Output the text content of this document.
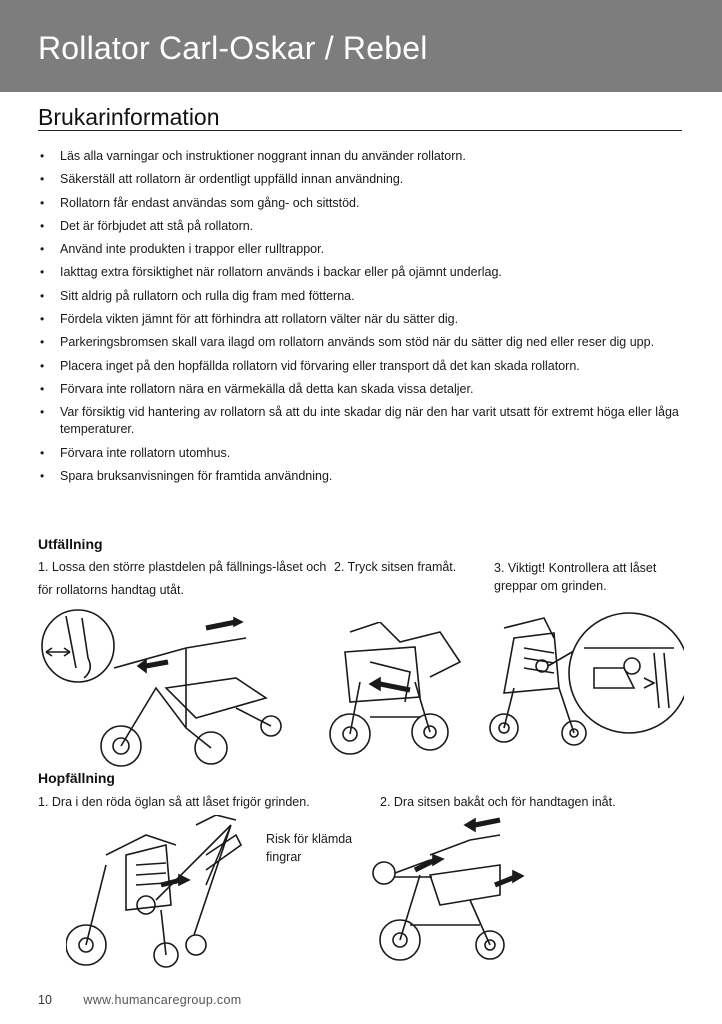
Rollator Carl-Oskar / Rebel
Brukarinformation
• Läs alla varningar och instruktioner noggrant innan du använder rollatorn.
• Säkerställ att rollatorn är ordentligt uppfälld innan användning.
• Rollatorn får endast användas som gång- och sittstöd.
• Det är förbjudet att stå på rollatorn.
• Använd inte produkten i trappor eller rulltrappor.
• Iakttag extra försiktighet när rollatorn används i backar eller på ojämnt underlag.
• Sitt aldrig på rullatorn och rulla dig fram med fötterna.
• Fördela vikten jämnt för att förhindra att rollatorn välter när du sätter dig.
• Parkeringsbromsen skall vara ilagd om rollatorn används som stöd när du sätter dig ned eller reser dig upp.
• Placera inget på den hopfällda rollatorn vid förvaring eller transport då det kan skada rollatorn.
• Förvara inte rollatorn nära en värmekälla då detta kan skada vissa detaljer.
• Var försiktig vid hantering av rollatorn så att du inte skadar dig när den har varit utsatt för extremt höga eller låga temperaturer.
• Förvara inte rollatorn utomhus.
• Spara bruksanvisningen för framtida användning.
Utfällning
1. Lossa den större plastdelen på fällnings-låset och för rollatorns handtag utåt.
2. Tryck sitsen framåt.	3. Viktigt! Kontrollera att låset greppar om grinden.
Hopfällning
1. Dra i den röda öglan så att låset frigör grinden.	2. Dra sitsen bakåt och för handtagen inåt.
Risk för klämda fingrar
10	www.humancaregroup.com
